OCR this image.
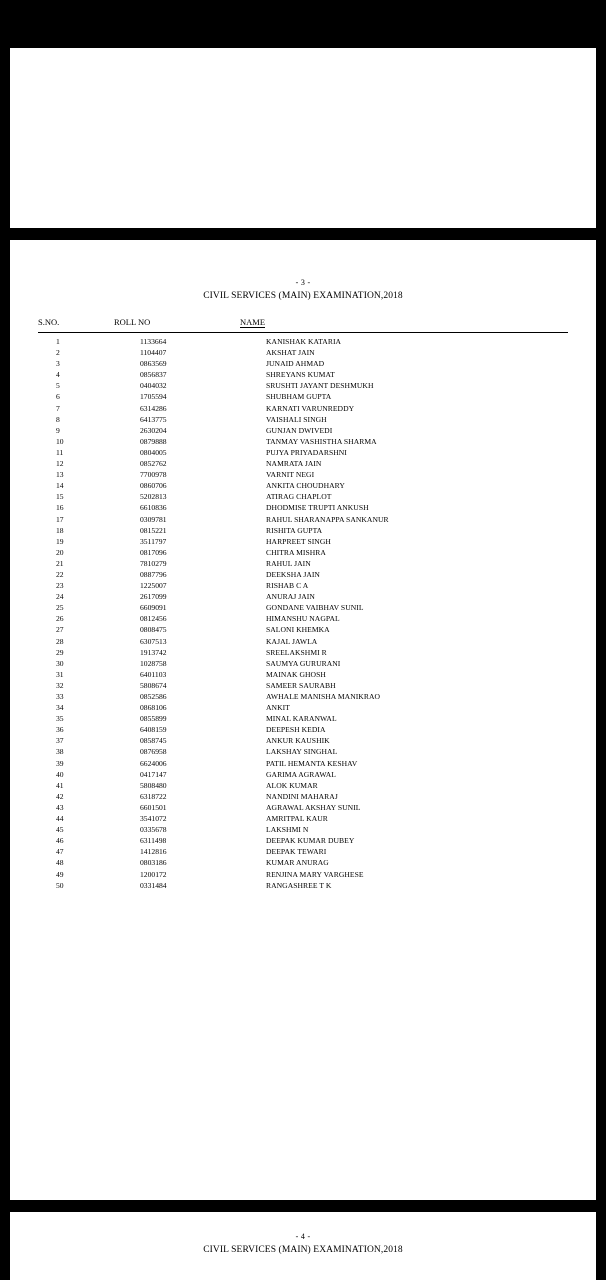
- 3 -
CIVIL SERVICES (MAIN) EXAMINATION,2018
S.NO.	ROLL NO	NAME
1	1133664	KANISHAK KATARIA
2	1104407	AKSHAT JAIN
3	0863569	JUNAID AHMAD
4	0856837	SHREYANS KUMAT
5	0404032	SRUSHTI JAYANT DESHMUKH
6	1705594	SHUBHAM GUPTA
7	6314286	KARNATI VARUNREDDY
8	6413775	VAISHALI SINGH
9	2630204	GUNJAN DWIVEDI
10	0879888	TANMAY VASHISTHA SHARMA
11	0804005	PUJYA PRIYADARSHNI
12	0852762	NAMRATA JAIN
13	7700978	VARNIT NEGI
14	0860706	ANKITA CHOUDHARY
15	5202813	ATIRAG CHAPLOT
16	6610836	DHODMISE TRUPTI ANKUSH
17	0309781	RAHUL SHARANAPPA SANKANUR
18	0815221	RISHITA GUPTA
19	3511797	HARPREET SINGH
20	0817096	CHITRA MISHRA
21	7810279	RAHUL JAIN
22	0887796	DEEKSHA JAIN
23	1225007	RISHAB C A
24	2617099	ANURAJ JAIN
25	6609091	GONDANE VAIBHAV SUNIL
26	0812456	HIMANSHU NAGPAL
27	0808475	SALONI KHEMKA
28	6307513	KAJAL JAWLA
29	1913742	SREELAKSHMI R
30	1028758	SAUMYA GURURANI
31	6401103	MAINAK GHOSH
32	5808674	SAMEER SAURABH
33	0852586	AWHALE MANISHA MANIKRAO
34	0868106	ANKIT
35	0855899	MINAL KARANWAL
36	6408159	DEEPESH KEDIA
37	0858745	ANKUR KAUSHIK
38	0876958	LAKSHAY SINGHAL
39	6624006	PATIL HEMANTA KESHAV
40	0417147	GARIMA AGRAWAL
41	5808480	ALOK KUMAR
42	6318722	NANDINI MAHARAJ
43	6601501	AGRAWAL AKSHAY SUNIL
44	3541072	AMRITPAL KAUR
45	0335678	LAKSHMI N
46	6311498	DEEPAK KUMAR DUBEY
47	1412816	DEEPAK TEWARI
48	0803186	KUMAR ANURAG
49	1200172	RENJINA MARY VARGHESE
50	0331484	RANGASHREE T K
- 4 -
CIVIL SERVICES (MAIN) EXAMINATION,2018
